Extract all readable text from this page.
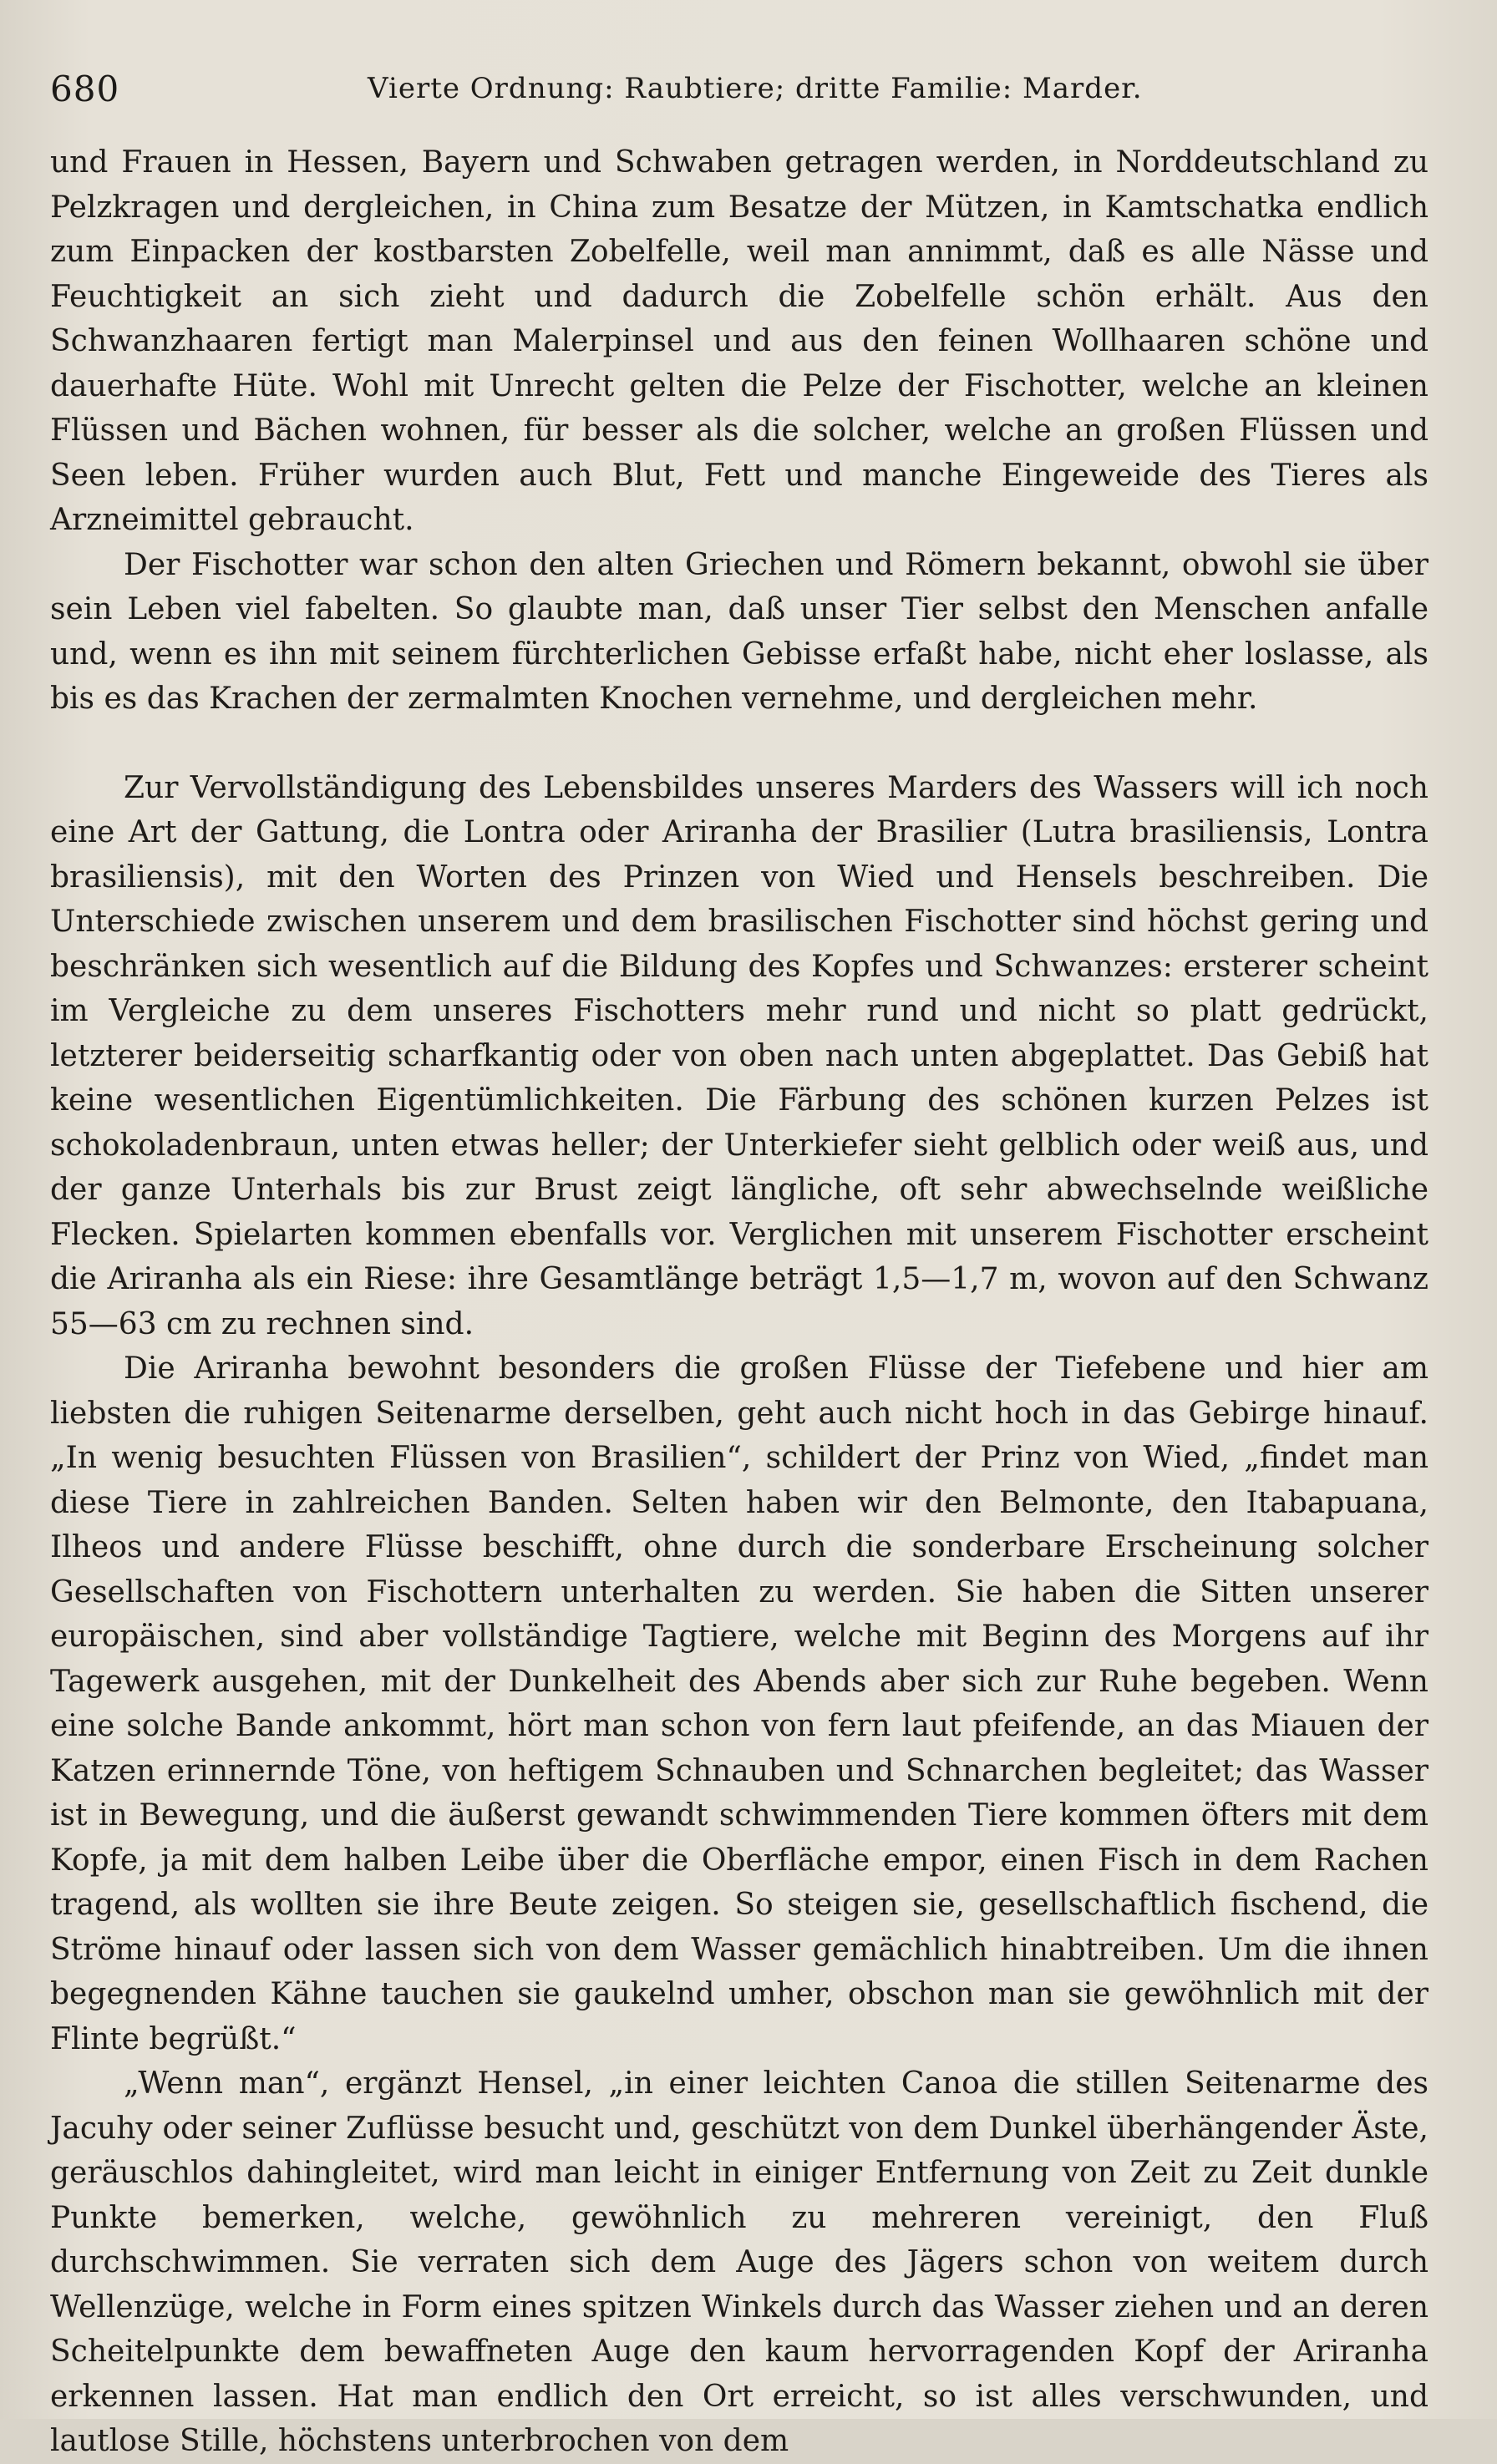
680	Vierte Ordnung: Raubtiere; dritte Familie: Marder.

und Frauen in Hessen, Bayern und Schwaben getragen werden, in Norddeutschland zu Pelzkragen und dergleichen, in China zum Besatze der Mützen, in Kamtschatka endlich zum Einpacken der kostbarsten Zobelfelle, weil man annimmt, daß es alle Nässe und Feuchtigkeit an sich zieht und dadurch die Zobelfelle schön erhält. Aus den Schwanzhaaren fertigt man Malerpinsel und aus den feinen Wollhaaren schöne und dauerhafte Hüte. Wohl mit Unrecht gelten die Pelze der Fischotter, welche an kleinen Flüssen und Bächen wohnen, für besser als die solcher, welche an großen Flüssen und Seen leben. Früher wurden auch Blut, Fett und manche Eingeweide des Tieres als Arzneimittel gebraucht.

Der Fischotter war schon den alten Griechen und Römern bekannt, obwohl sie über sein Leben viel fabelten. So glaubte man, daß unser Tier selbst den Menschen anfalle und, wenn es ihn mit seinem fürchterlichen Gebisse erfaßt habe, nicht eher loslasse, als bis es das Krachen der zermalmten Knochen vernehme, und dergleichen mehr.

Zur Vervollständigung des Lebensbildes unseres Marders des Wassers will ich noch eine Art der Gattung, die Lontra oder Ariranha der Brasilier (Lutra brasiliensis, Lontra brasiliensis), mit den Worten des Prinzen von Wied und Hensels beschreiben. Die Unterschiede zwischen unserem und dem brasilischen Fischotter sind höchst gering und beschränken sich wesentlich auf die Bildung des Kopfes und Schwanzes: ersterer scheint im Vergleiche zu dem unseres Fischotters mehr rund und nicht so platt gedrückt, letzterer beiderseitig scharfkantig oder von oben nach unten abgeplattet. Das Gebiß hat keine wesentlichen Eigentümlichkeiten. Die Färbung des schönen kurzen Pelzes ist schokoladenbraun, unten etwas heller; der Unterkiefer sieht gelblich oder weiß aus, und der ganze Unterhals bis zur Brust zeigt längliche, oft sehr abwechselnde weißliche Flecken. Spielarten kommen ebenfalls vor. Verglichen mit unserem Fischotter erscheint die Ariranha als ein Riese: ihre Gesamtlänge beträgt 1,5—1,7 m, wovon auf den Schwanz 55—63 cm zu rechnen sind.

Die Ariranha bewohnt besonders die großen Flüsse der Tiefebene und hier am liebsten die ruhigen Seitenarme derselben, geht auch nicht hoch in das Gebirge hinauf. „In wenig besuchten Flüssen von Brasilien“, schildert der Prinz von Wied, „findet man diese Tiere in zahlreichen Banden. Selten haben wir den Belmonte, den Itabapuana, Ilheos und andere Flüsse beschifft, ohne durch die sonderbare Erscheinung solcher Gesellschaften von Fischottern unterhalten zu werden. Sie haben die Sitten unserer europäischen, sind aber vollständige Tagtiere, welche mit Beginn des Morgens auf ihr Tagewerk ausgehen, mit der Dunkelheit des Abends aber sich zur Ruhe begeben. Wenn eine solche Bande ankommt, hört man schon von fern laut pfeifende, an das Miauen der Katzen erinnernde Töne, von heftigem Schnauben und Schnarchen begleitet; das Wasser ist in Bewegung, und die äußerst gewandt schwimmenden Tiere kommen öfters mit dem Kopfe, ja mit dem halben Leibe über die Oberfläche empor, einen Fisch in dem Rachen tragend, als wollten sie ihre Beute zeigen. So steigen sie, gesellschaftlich fischend, die Ströme hinauf oder lassen sich von dem Wasser gemächlich hinabtreiben. Um die ihnen begegnenden Kähne tauchen sie gaukelnd umher, obschon man sie gewöhnlich mit der Flinte begrüßt.“

„Wenn man“, ergänzt Hensel, „in einer leichten Canoa die stillen Seitenarme des Jacuhy oder seiner Zuflüsse besucht und, geschützt von dem Dunkel überhängender Äste, geräuschlos dahingleitet, wird man leicht in einiger Entfernung von Zeit zu Zeit dunkle Punkte bemerken, welche, gewöhnlich zu mehreren vereinigt, den Fluß durchschwimmen. Sie verraten sich dem Auge des Jägers schon von weitem durch Wellenzüge, welche in Form eines spitzen Winkels durch das Wasser ziehen und an deren Scheitelpunkte dem bewaffneten Auge den kaum hervorragenden Kopf der Ariranha erkennen lassen. Hat man endlich den Ort erreicht, so ist alles verschwunden, und lautlose Stille, höchstens unterbrochen von dem
